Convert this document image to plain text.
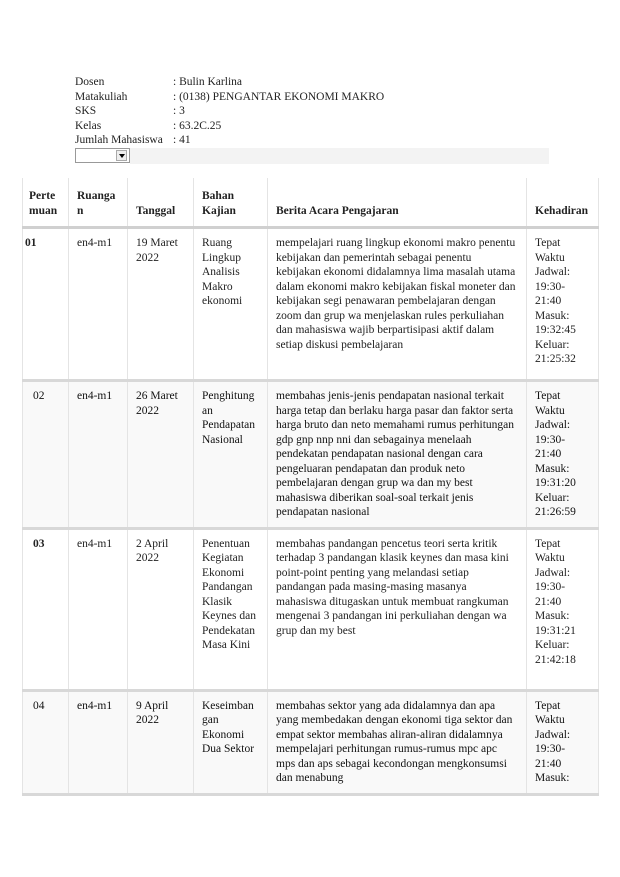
Dosen	: Bulin Karlina
Matakuliah	: (0138) PENGANTAR EKONOMI MAKRO
SKS	: 3
Kelas	: 63.2C.25
Jumlah Mahasiswa : 41
Perte muan	Ruangan	Tanggal	Bahan Kajian	Berita Acara Pengajaran	Kehadiran
01	en4-m1	19 Maret 2022	Ruang Lingkup Analisis Makro ekonomi	mempelajari ruang lingkup ekonomi makro penentu kebijakan dan pemerintah sebagai penentu kebijakan ekonomi didalamnya lima masalah utama dalam ekonomi makro kebijakan fiskal moneter dan kebijakan segi penawaran pembelajaran dengan zoom dan grup wa menjelaskan rules perkuliahan dan mahasiswa wajib berpartisipasi aktif dalam setiap diskusi pembelajaran	Tepat Waktu Jadwal: 19:30-21:40 Masuk: 19:32:45 Keluar: 21:25:32
02	en4-m1	26 Maret 2022	Penghitungan Pendapatan Nasional	membahas jenis-jenis pendapatan nasional terkait harga tetap dan berlaku harga pasar dan faktor serta harga bruto dan neto memahami rumus perhitungan gdp gnp nnp nni dan sebagainya menelaah pendekatan pendapatan nasional dengan cara pengeluaran pendapatan dan produk neto pembelajaran dengan grup wa dan my best mahasiswa diberikan soal-soal terkait jenis pendapatan nasional	Tepat Waktu Jadwal: 19:30-21:40 Masuk: 19:31:20 Keluar: 21:26:59
03	en4-m1	2 April 2022	Penentuan Kegiatan Ekonomi Pandangan Klasik Keynes dan Pendekatan Masa Kini	membahas pandangan pencetus teori serta kritik terhadap 3 pandangan klasik keynes dan masa kini point-point penting yang melandasi setiap pandangan pada masing-masing masanya mahasiswa ditugaskan untuk membuat rangkuman mengenai 3 pandangan ini perkuliahan dengan wa grup dan my best	Tepat Waktu Jadwal: 19:30-21:40 Masuk: 19:31:21 Keluar: 21:42:18
04	en4-m1	9 April 2022	Keseimbangan Ekonomi Dua Sektor	membahas sektor yang ada didalamnya dan apa yang membedakan dengan ekonomi tiga sektor dan empat sektor membahas aliran-aliran didalamnya mempelajari perhitungan rumus-rumus mpc apc mps dan aps sebagai kecondongan mengkonsumsi dan menabung	Tepat Waktu Jadwal: 19:30-21:40 Masuk:
